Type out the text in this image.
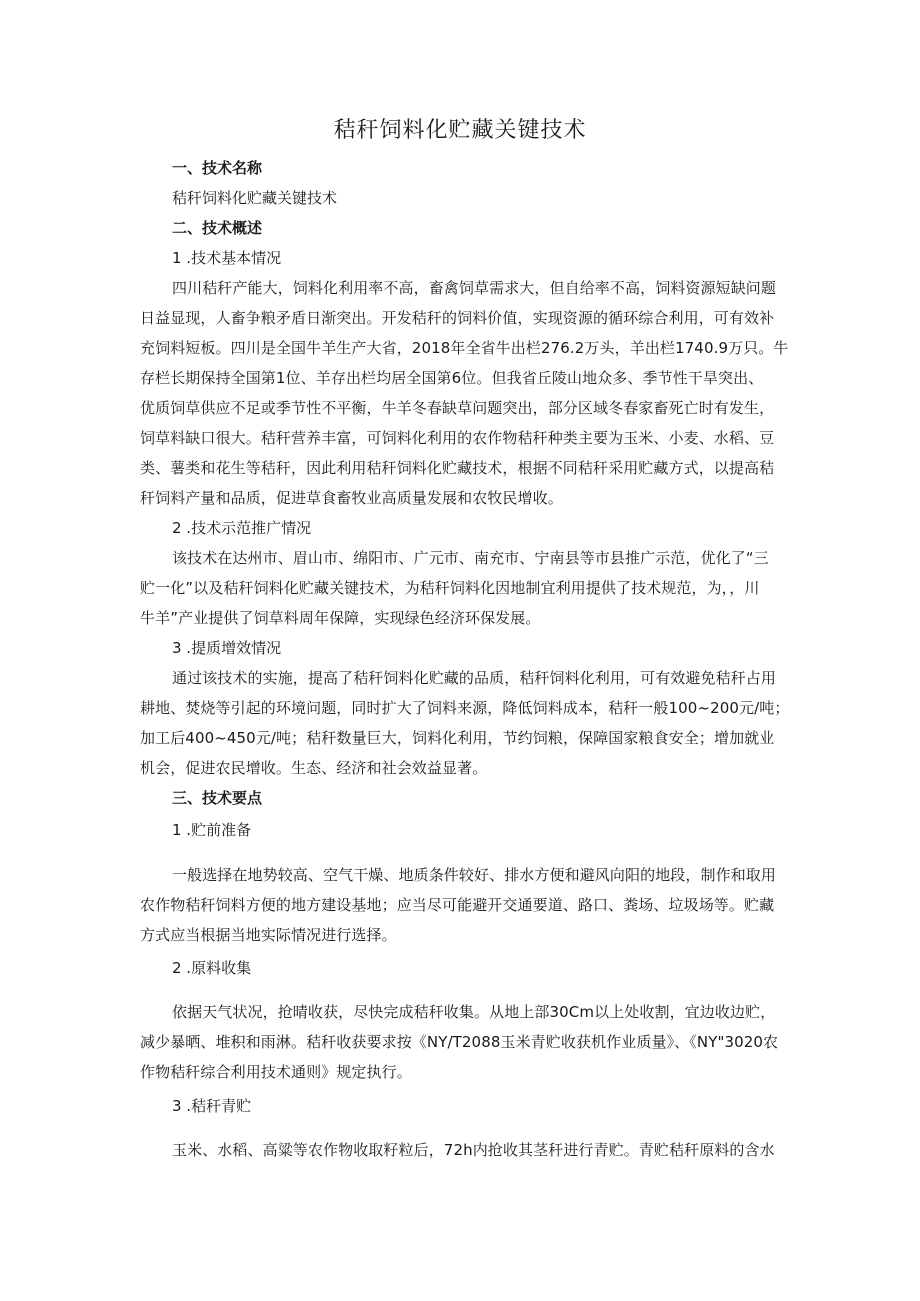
秸秆饲料化贮藏关键技术
一、技术名称
秸秆饲料化贮藏关键技术
二、技术概述
1 .技术基本情况
四川秸秆产能大，饲料化利用率不高，畜禽饲草需求大，但自给率不高，饲料资源短缺问题
日益显现，人畜争粮矛盾日渐突出。开发秸秆的饲料价值，实现资源的循环综合利用，可有效补
充饲料短板。四川是全国牛羊生产大省，2018年全省牛出栏276.2万头，羊出栏1740.9万只。牛
存栏长期保持全国第1位、羊存出栏均居全国第6位。但我省丘陵山地众多、季节性干旱突出、
优质饲草供应不足或季节性不平衡，牛羊冬春缺草问题突出，部分区域冬春家畜死亡时有发生，
饲草料缺口很大。秸秆营养丰富，可饲料化利用的农作物秸秆种类主要为玉米、小麦、水稻、豆
类、薯类和花生等秸秆，因此利用秸秆饲料化贮藏技术，根据不同秸秆采用贮藏方式，以提高秸
秆饲料产量和品质，促进草食畜牧业高质量发展和农牧民增收。
2 .技术示范推广情况
该技术在达州市、眉山市、绵阳市、广元市、南充市、宁南县等市县推广示范，优化了“三
贮一化”以及秸秆饲料化贮藏关键技术，为秸秆饲料化因地制宜利用提供了技术规范，为，，川
牛羊”产业提供了饲草料周年保障，实现绿色经济环保发展。
3 .提质增效情况
通过该技术的实施，提高了秸秆饲料化贮藏的品质，秸秆饲料化利用，可有效避免秸秆占用
耕地、焚烧等引起的环境问题，同时扩大了饲料来源，降低饲料成本，秸秆一般100~200元/吨；
加工后400~450元/吨；秸秆数量巨大，饲料化利用，节约饲粮，保障国家粮食安全；增加就业
机会，促进农民增收。生态、经济和社会效益显著。
三、技术要点
1 .贮前准备
一般选择在地势较高、空气干燥、地质条件较好、排水方便和避风向阳的地段，制作和取用
农作物秸秆饲料方便的地方建设基地；应当尽可能避开交通要道、路口、粪场、垃圾场等。贮藏
方式应当根据当地实际情况进行选择。
2 .原料收集
依据天气状况，抢晴收获，尽快完成秸秆收集。从地上部30Cm以上处收割，宜边收边贮，
减少暴晒、堆积和雨淋。秸秆收获要求按《NY/T2088玉米青贮收获机作业质量》、《NY"3020农
作物秸秆综合利用技术通则》规定执行。
3 .秸秆青贮
玉米、水稻、高粱等农作物收取籽粒后，72h内抢收其茎秆进行青贮。青贮秸秆原料的含水
